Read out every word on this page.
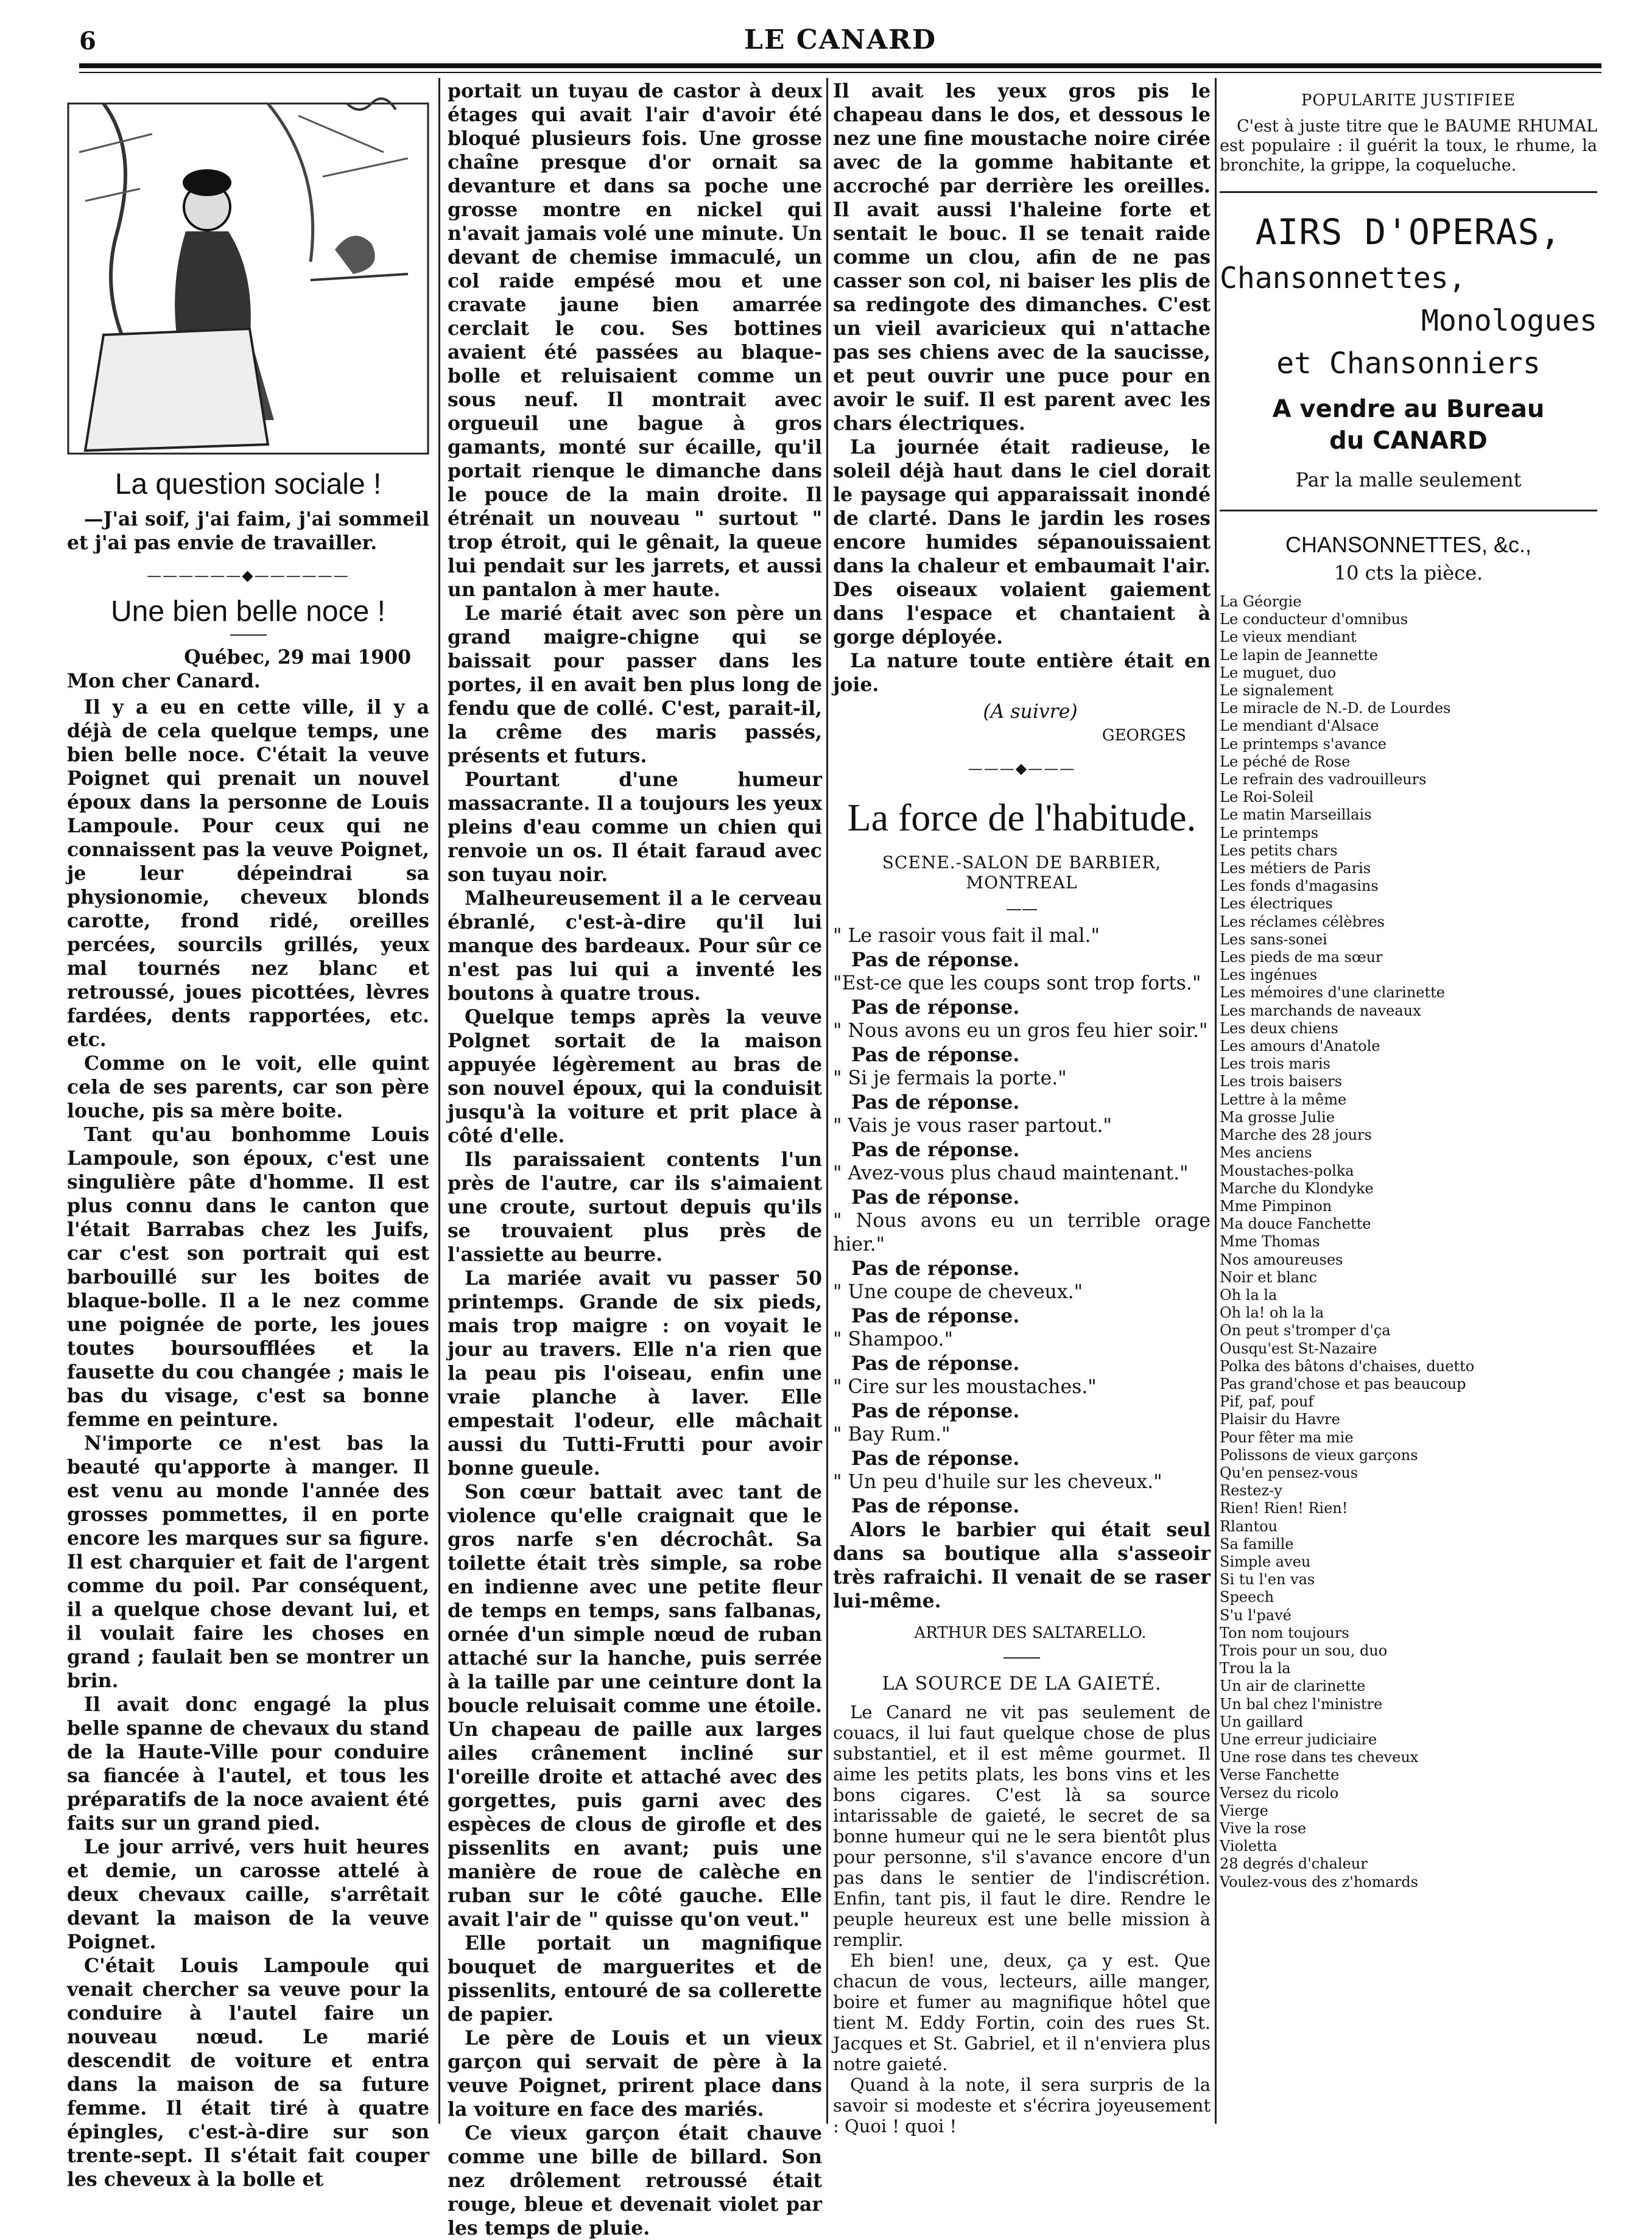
6	LE CANARD
La question sociale !

—J'ai soif, j'ai faim, j'ai sommeil et j'ai pas envie de travailler.

——————◆——————
Une bien belle noce !

Québec, 29 mai 1900

Mon cher Canard.

Il y a eu en cette ville, il y a déjà de cela quelque temps, une bien belle noce. C'était la veuve Poignet qui prenait un nouvel époux dans la personne de Louis Lampoule. Pour ceux qui ne connaissent pas la veuve Poignet, je leur dépeindrai sa physionomie, cheveux blonds carotte, frond ridé, oreilles percées, sourcils grillés, yeux mal tournés nez blanc et retroussé, joues picottées, lèvres fardées, dents rapportées, etc. etc.

Comme on le voit, elle quint cela de ses parents, car son père louche, pis sa mère boite.

Tant qu'au bonhomme Louis Lampoule, son époux, c'est une singulière pâte d'homme. Il est plus connu dans le canton que l'était Barrabas chez les Juifs, car c'est son portrait qui est barbouillé sur les boites de blaque-bolle. Il a le nez comme une poignée de porte, les joues toutes boursoufflées et la fausette du cou changée ; mais le bas du visage, c'est sa bonne femme en peinture.

N'importe ce n'est bas la beauté qu'apporte à manger. Il est venu au monde l'année des grosses pommettes, il en porte encore les marques sur sa figure. Il est charquier et fait de l'argent comme du poil. Par conséquent, il a quelque chose devant lui, et il voulait faire les choses en grand ; faulait ben se montrer un brin.

Il avait donc engagé la plus belle spanne de chevaux du stand de la Haute-Ville pour conduire sa fiancée à l'autel, et tous les préparatifs de la noce avaient été faits sur un grand pied.

Le jour arrivé, vers huit heures et demie, un carosse attelé à deux chevaux caille, s'arrêtait devant la maison de la veuve Poignet.

C'était Louis Lampoule qui venait chercher sa veuve pour la conduire à l'autel faire un nouveau nœud. Le marié descendit de voiture et entra dans la maison de sa future femme. Il était tiré à quatre épingles, c'est-à-dire sur son trente-sept. Il s'était fait couper les cheveux à la bolle et

portait un tuyau de castor à deux étages qui avait l'air d'avoir été bloqué plusieurs fois. Une grosse chaîne presque d'or ornait sa devanture et dans sa poche une grosse montre en nickel qui n'avait jamais volé une minute. Un devant de chemise immaculé, un col raide empésé mou et une cravate jaune bien amarrée cerclait le cou. Ses bottines avaient été passées au blaque-bolle et reluisaient comme un sous neuf. Il montrait avec orgueuil une bague à gros gamants, monté sur écaille, qu'il portait rienque le dimanche dans le pouce de la main droite. Il étrénait un nouveau " surtout " trop étroit, qui le gênait, la queue lui pendait sur les jarrets, et aussi un pantalon à mer haute.

Le marié était avec son père un grand maigre-chigne qui se baissait pour passer dans les portes, il en avait ben plus long de fendu que de collé. C'est, parait-il, la crême des maris passés, présents et futurs.

Pourtant d'une humeur massacrante. Il a toujours les yeux pleins d'eau comme un chien qui renvoie un os. Il était faraud avec son tuyau noir.

Malheureusement il a le cerveau ébranlé, c'est-à-dire qu'il lui manque des bardeaux. Pour sûr ce n'est pas lui qui a inventé les boutons à quatre trous.

Quelque temps après la veuve Polgnet sortait de la maison appuyée légèrement au bras de son nouvel époux, qui la conduisit jusqu'à la voiture et prit place à côté d'elle.

Ils paraissaient contents l'un près de l'autre, car ils s'aimaient une croute, surtout depuis qu'ils se trouvaient plus près de l'assiette au beurre.

La mariée avait vu passer 50 printemps. Grande de six pieds, mais trop maigre : on voyait le jour au travers. Elle n'a rien que la peau pis l'oiseau, enfin une vraie planche à laver. Elle empestait l'odeur, elle mâchait aussi du Tutti-Frutti pour avoir bonne gueule.

Son cœur battait avec tant de violence qu'elle craignait que le gros narfe s'en décrochât. Sa toilette était très simple, sa robe en indienne avec une petite fleur de temps en temps, sans falbanas, ornée d'un simple nœud de ruban attaché sur la hanche, puis serrée à la taille par une ceinture dont la boucle reluisait comme une étoile. Un chapeau de paille aux larges ailes crânement incliné sur l'oreille droite et attaché avec des gorgettes, puis garni avec des espèces de clous de girofle et des pissenlits en avant; puis une manière de roue de calèche en ruban sur le côté gauche. Elle avait l'air de " quisse qu'on veut."

Elle portait un magnifique bouquet de marguerites et de pissenlits, entouré de sa collerette de papier.

Le père de Louis et un vieux garçon qui servait de père à la veuve Poignet, prirent place dans la voiture en face des mariés.

Ce vieux garçon était chauve comme une bille de billard. Son nez drôlement retroussé était rouge, bleue et devenait violet par les temps de pluie.

Il avait les yeux gros pis le chapeau dans le dos, et dessous le nez une fine moustache noire cirée avec de la gomme habitante et accroché par derrière les oreilles. Il avait aussi l'haleine forte et sentait le bouc. Il se tenait raide comme un clou, afin de ne pas casser son col, ni baiser les plis de sa redingote des dimanches. C'est un vieil avaricieux qui n'attache pas ses chiens avec de la saucisse, et peut ouvrir une puce pour en avoir le suif. Il est parent avec les chars électriques.

La journée était radieuse, le soleil déjà haut dans le ciel dorait le paysage qui apparaissait inondé de clarté. Dans le jardin les roses encore humides sépanouissaient dans la chaleur et embaumait l'air. Des oiseaux volaient gaiement dans l'espace et chantaient à gorge déployée.

La nature toute entière était en joie.

(A suivre)

GEORGES

———◆———
La force de l'habitude.
SCENE.-SALON DE BARBIER, MONTREAL
——

" Le rasoir vous fait il mal."

Pas de réponse.

"Est-ce que les coups sont trop forts."

Pas de réponse.

" Nous avons eu un gros feu hier soir."

Pas de réponse.

" Si je fermais la porte."

Pas de réponse.

" Vais je vous raser partout."

Pas de réponse.

" Avez-vous plus chaud maintenant."

Pas de réponse.

" Nous avons eu un terrible orage hier."

Pas de réponse.

" Une coupe de cheveux."

Pas de réponse.

" Shampoo."

Pas de réponse.

" Cire sur les moustaches."

Pas de réponse.

" Bay Rum."

Pas de réponse.

" Un peu d'huile sur les cheveux."

Pas de réponse.

Alors le barbier qui était seul dans sa boutique alla s'asseoir très rafraichi. Il venait de se raser lui-même.

ARTHUR DES SALTARELLO.

LA SOURCE DE LA GAIETÉ.

Le Canard ne vit pas seulement de couacs, il lui faut quelque chose de plus substantiel, et il est même gourmet. Il aime les petits plats, les bons vins et les bons cigares. C'est là sa source intarissable de gaieté, le secret de sa bonne humeur qui ne le sera bientôt plus pour personne, s'il s'avance encore d'un pas dans le sentier de l'indiscrétion. Enfin, tant pis, il faut le dire. Rendre le peuple heureux est une belle mission à remplir.

Eh bien! une, deux, ça y est. Que chacun de vous, lecteurs, aille manger, boire et fumer au magnifique hôtel que tient M. Eddy Fortin, coin des rues St. Jacques et St. Gabriel, et il n'enviera plus notre gaieté.

Quand à la note, il sera surpris de la savoir si modeste et s'écrira joyeusement : Quoi ! quoi !

POPULARITE JUSTIFIEE

C'est à juste titre que le BAUME RHUMAL est populaire : il guérit la toux, le rhume, la bronchite, la grippe, la coqueluche.

AIRS D'OPERAS,
Chansonnettes,
Monologues
et Chansonniers
A vendre au Bureau
du CANARD
Par la malle seulement
CHANSONNETTES, &c.,
10 cts la pièce.
La Géorgie
Le conducteur d'omnibus
Le vieux mendiant
Le lapin de Jeannette
Le muguet, duo
Le signalement
Le miracle de N.-D. de Lourdes
Le mendiant d'Alsace
Le printemps s'avance
Le péché de Rose
Le refrain des vadrouilleurs
Le Roi-Soleil
Le matin Marseillais
Le printemps
Les petits chars
Les métiers de Paris
Les fonds d'magasins
Les électriques
Les réclames célèbres
Les sans-sonei
Les pieds de ma sœur
Les ingénues
Les mémoires d'une clarinette
Les marchands de naveaux
Les deux chiens
Les amours d'Anatole
Les trois maris
Les trois baisers
Lettre à la même
Ma grosse Julie
Marche des 28 jours
Mes anciens
Moustaches-polka
Marche du Klondyke
Mme Pimpinon
Ma douce Fanchette
Mme Thomas
Nos amoureuses
Noir et blanc
Oh la la
Oh la! oh la la
On peut s'tromper d'ça
Ousqu'est St-Nazaire
Polka des bâtons d'chaises, duetto
Pas grand'chose et pas beaucoup
Pif, paf, pouf
Plaisir du Havre
Pour fêter ma mie
Polissons de vieux garçons
Qu'en pensez-vous
Restez-y
Rien! Rien! Rien!
Rlantou
Sa famille
Simple aveu
Si tu l'en vas
Speech
S'u l'pavé
Ton nom toujours
Trois pour un sou, duo
Trou la la
Un air de clarinette
Un bal chez l'ministre
Un gaillard
Une erreur judiciaire
Une rose dans tes cheveux
Verse Fanchette
Versez du ricolo
Vierge
Vive la rose
Violetta
28 degrés d'chaleur
Voulez-vous des z'homards
